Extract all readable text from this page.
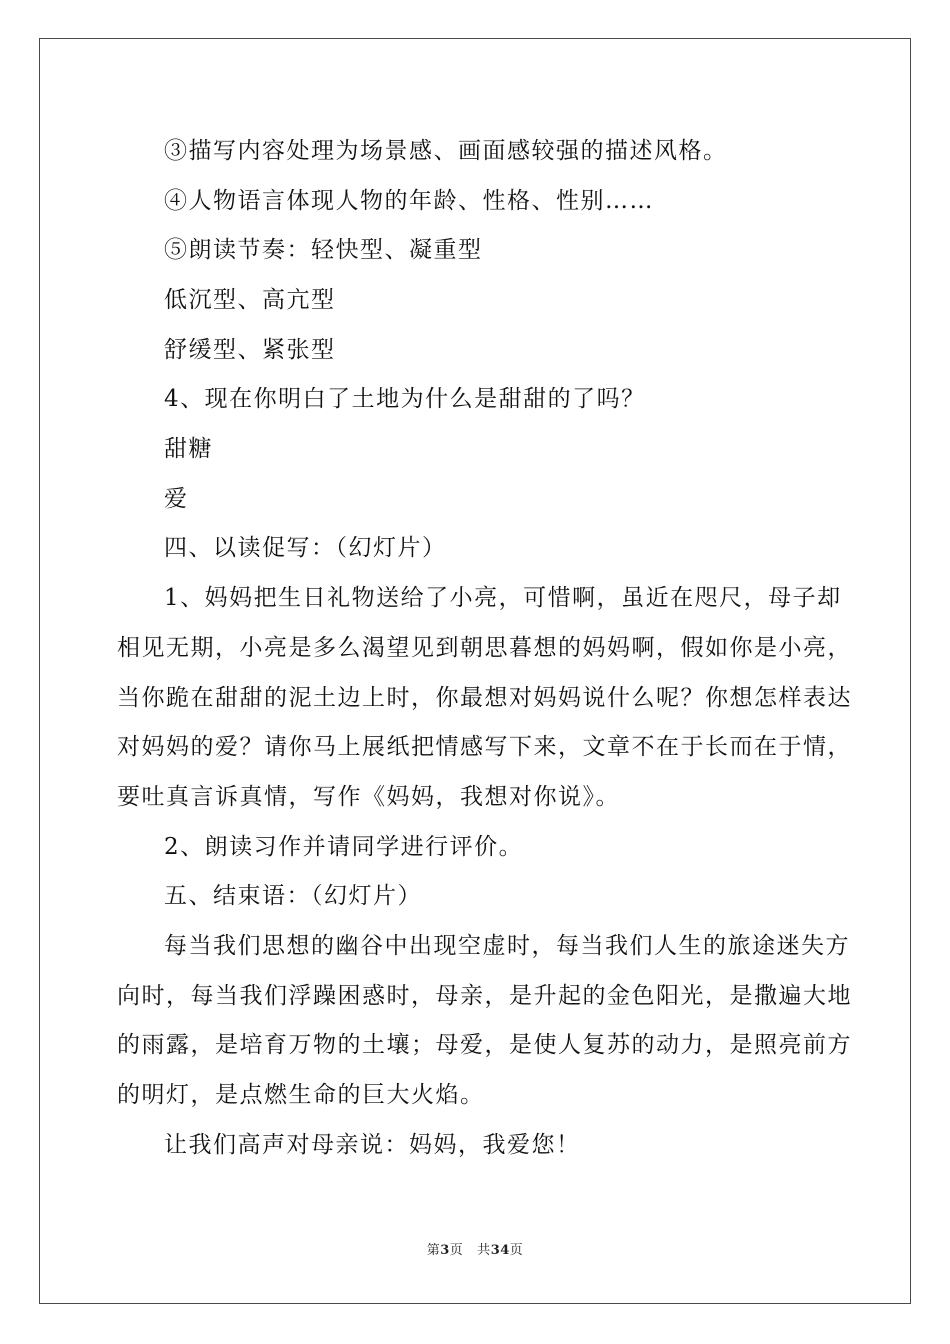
③描写内容处理为场景感、画面感较强的描述风格。
④人物语言体现人物的年龄、性格、性别……
⑤朗读节奏：轻快型、凝重型
低沉型、高亢型
舒缓型、紧张型
4、现在你明白了土地为什么是甜甜的了吗？
甜糖
爱
四、以读促写：（幻灯片）
1、妈妈把生日礼物送给了小亮，可惜啊，虽近在咫尺，母子却
相见无期，小亮是多么渴望见到朝思暮想的妈妈啊，假如你是小亮，
当你跪在甜甜的泥土边上时，你最想对妈妈说什么呢？你想怎样表达
对妈妈的爱？请你马上展纸把情感写下来，文章不在于长而在于情，
要吐真言诉真情，写作《妈妈，我想对你说》。
2、朗读习作并请同学进行评价。
五、结束语：（幻灯片）
每当我们思想的幽谷中出现空虚时，每当我们人生的旅途迷失方
向时，每当我们浮躁困惑时，母亲，是升起的金色阳光，是撒遍大地
的雨露，是培育万物的土壤；母爱，是使人复苏的动力，是照亮前方
的明灯，是点燃生命的巨大火焰。
让我们高声对母亲说：妈妈，我爱您！
第3页 共34页
